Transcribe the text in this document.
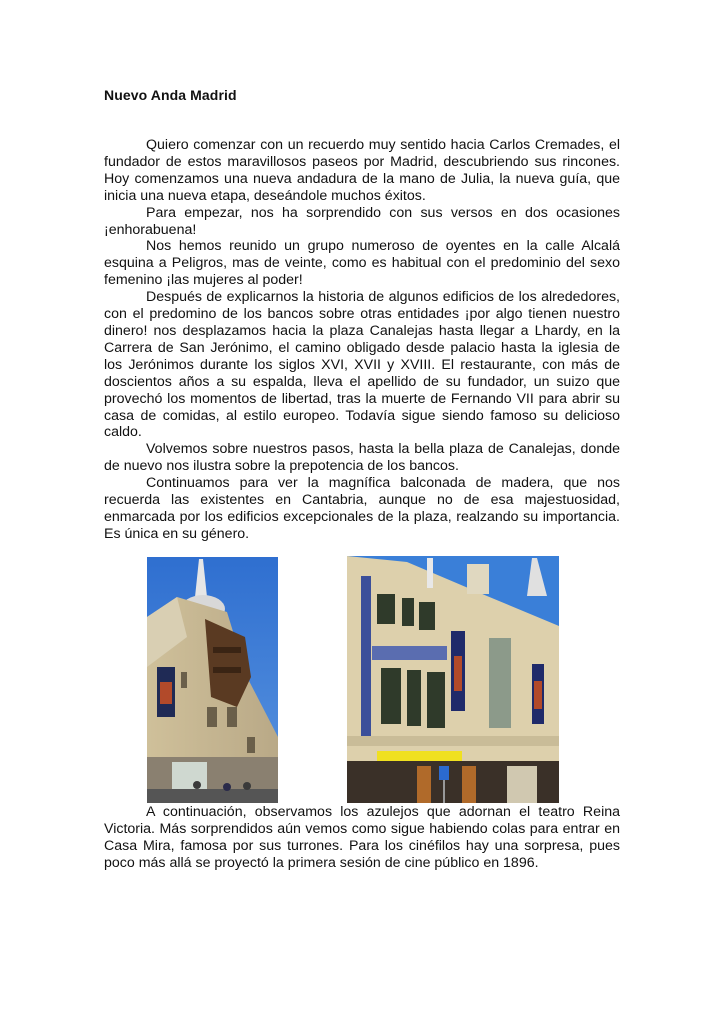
Nuevo Anda Madrid

Quiero comenzar con un recuerdo muy sentido hacia Carlos Cremades, el fundador de estos maravillosos paseos por Madrid, descubriendo sus rincones. Hoy comenzamos una nueva andadura de la mano de Julia, la nueva guía, que inicia una nueva etapa, deseándole muchos éxitos.

Para empezar, nos ha sorprendido con sus versos en dos ocasiones ¡enhorabuena!

Nos hemos reunido un grupo numeroso de oyentes en la calle Alcalá esquina a Peligros, mas de veinte, como es habitual con el predominio del sexo femenino ¡las mujeres al poder!

Después de explicarnos la historia de algunos edificios de los alrededores, con el predomino de los bancos sobre otras entidades ¡por algo tienen nuestro dinero! nos desplazamos hacia la plaza Canalejas hasta llegar a Lhardy, en la Carrera de San Jerónimo, el camino obligado desde palacio hasta la iglesia de los Jerónimos durante los siglos XVI, XVII y XVIII. El restaurante, con más de doscientos años a su espalda, lleva el apellido de su fundador, un suizo que provechó los momentos de libertad, tras la muerte de Fernando VII para abrir su casa de comidas, al estilo europeo. Todavía sigue siendo famoso su delicioso caldo.

Volvemos sobre nuestros pasos, hasta la bella plaza de Canalejas, donde de nuevo nos ilustra sobre la prepotencia de los bancos.

Continuamos para ver la magnífica balconada de madera, que nos recuerda las existentes en Cantabria, aunque no de esa majestuosidad, enmarcada por los edificios excepcionales de la plaza, realzando su importancia. Es única en su género.

A continuación, observamos los azulejos que adornan el teatro Reina Victoria. Más sorprendidos aún vemos como sigue habiendo colas para entrar en Casa Mira, famosa por sus turrones. Para los cinéfilos hay una sorpresa, pues poco más allá se proyectó la primera sesión de cine público en 1896.
